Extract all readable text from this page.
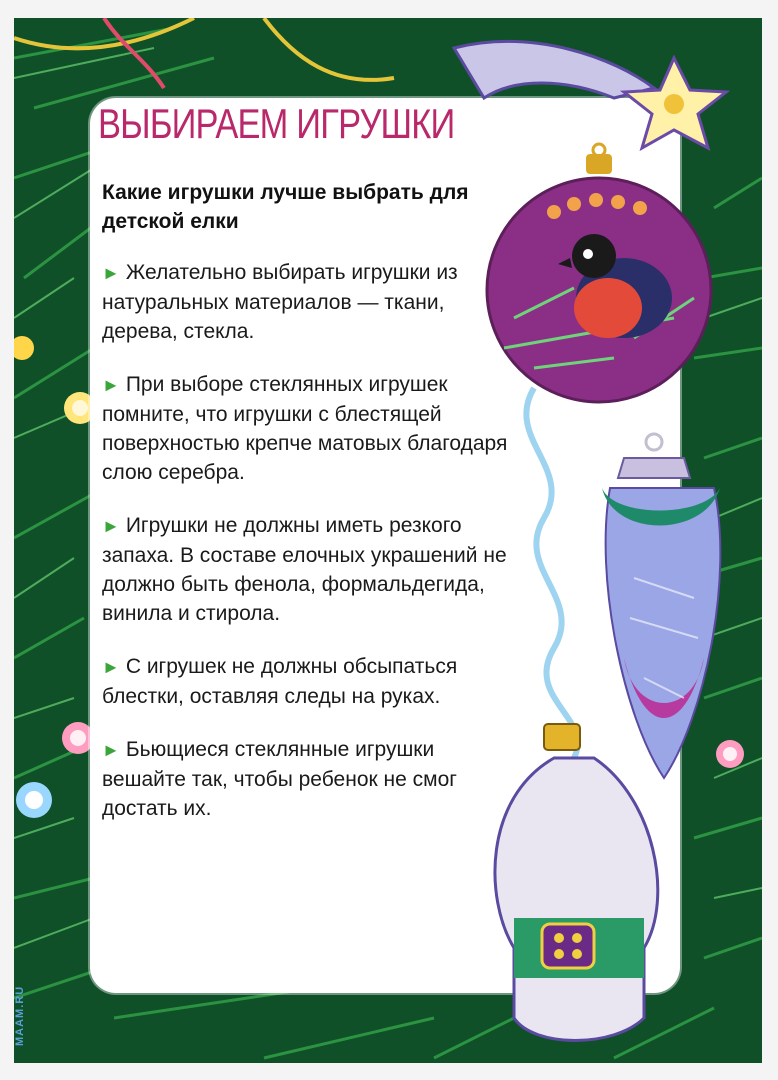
MAAM.RU
ВЫБИРАЕМ ИГРУШКИ
Какие игрушки лучше выбрать для детской елки
► Желательно выбирать игрушки из натуральных материалов — ткани, дерева, стекла.
► При выборе стеклянных игрушек помните, что игрушки с блестящей поверхностью крепче матовых благодаря слою серебра.
► Игрушки не должны иметь резкого запаха. В составе елочных украшений не должно быть фенола, формальдегида, винила и стирола.
► С игрушек не должны обсыпаться блестки, оставляя следы на руках.
► Бьющиеся стеклянные игрушки вешайте так, чтобы ребенок не смог достать их.
